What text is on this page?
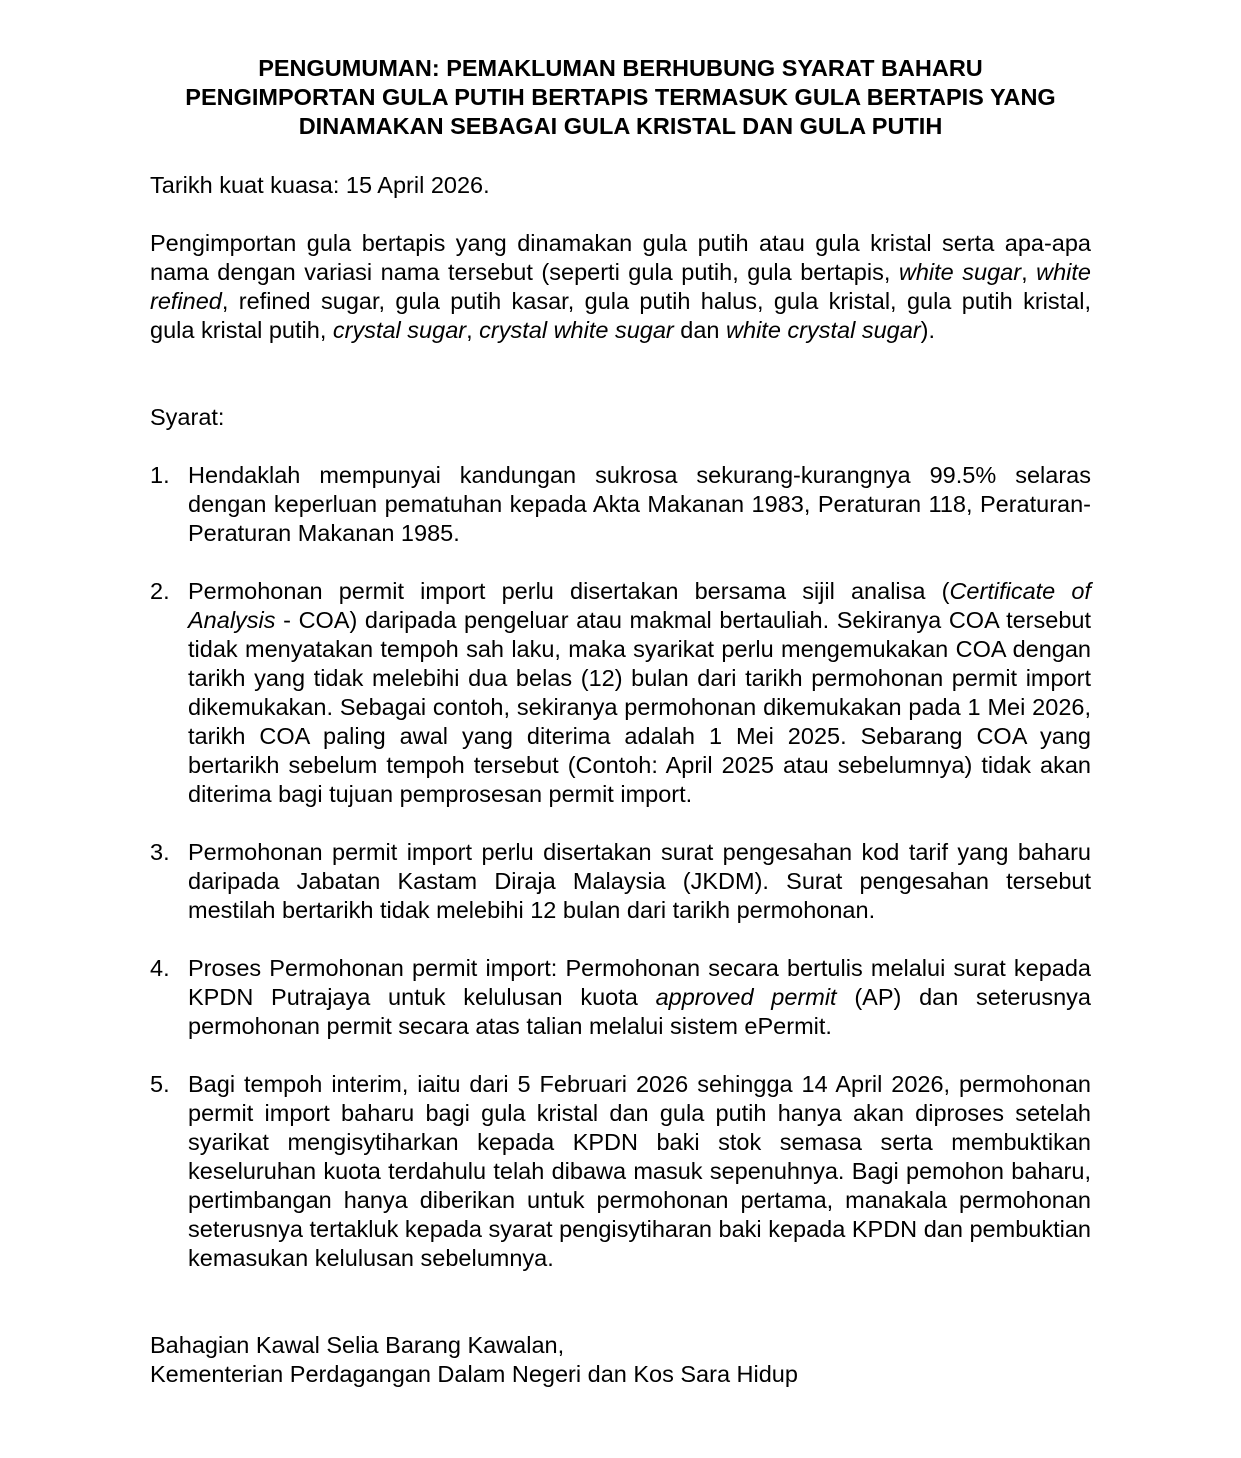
PENGUMUMAN: PEMAKLUMAN BERHUBUNG SYARAT BAHARU
PENGIMPORTAN GULA PUTIH BERTAPIS TERMASUK GULA BERTAPIS YANG
DINAMAKAN SEBAGAI GULA KRISTAL DAN GULA PUTIH

Tarikh kuat kuasa: 15 April 2026.

Pengimportan gula bertapis yang dinamakan gula putih atau gula kristal serta apa-apa nama dengan variasi nama tersebut (seperti gula putih, gula bertapis, white sugar, white refined, refined sugar, gula putih kasar, gula putih halus, gula kristal, gula putih kristal, gula kristal putih, crystal sugar, crystal white sugar dan white crystal sugar).

Syarat:

1. Hendaklah mempunyai kandungan sukrosa sekurang-kurangnya 99.5% selaras dengan keperluan pematuhan kepada Akta Makanan 1983, Peraturan 118, Peraturan-Peraturan Makanan 1985.
2. Permohonan permit import perlu disertakan bersama sijil analisa (Certificate of Analysis - COA) daripada pengeluar atau makmal bertauliah. Sekiranya COA tersebut tidak menyatakan tempoh sah laku, maka syarikat perlu mengemukakan COA dengan tarikh yang tidak melebihi dua belas (12) bulan dari tarikh permohonan permit import dikemukakan. Sebagai contoh, sekiranya permohonan dikemukakan pada 1 Mei 2026, tarikh COA paling awal yang diterima adalah 1 Mei 2025. Sebarang COA yang bertarikh sebelum tempoh tersebut (Contoh: April 2025 atau sebelumnya) tidak akan diterima bagi tujuan pemprosesan permit import.
3. Permohonan permit import perlu disertakan surat pengesahan kod tarif yang baharu daripada Jabatan Kastam Diraja Malaysia (JKDM). Surat pengesahan tersebut mestilah bertarikh tidak melebihi 12 bulan dari tarikh permohonan.
4. Proses Permohonan permit import: Permohonan secara bertulis melalui surat kepada KPDN Putrajaya untuk kelulusan kuota approved permit (AP) dan seterusnya permohonan permit secara atas talian melalui sistem ePermit.
5. Bagi tempoh interim, iaitu dari 5 Februari 2026 sehingga 14 April 2026, permohonan permit import baharu bagi gula kristal dan gula putih hanya akan diproses setelah syarikat mengisytiharkan kepada KPDN baki stok semasa serta membuktikan keseluruhan kuota terdahulu telah dibawa masuk sepenuhnya. Bagi pemohon baharu, pertimbangan hanya diberikan untuk permohonan pertama, manakala permohonan seterusnya tertakluk kepada syarat pengisytiharan baki kepada KPDN dan pembuktian kemasukan kelulusan sebelumnya.

Bahagian Kawal Selia Barang Kawalan,

Kementerian Perdagangan Dalam Negeri dan Kos Sara Hidup
